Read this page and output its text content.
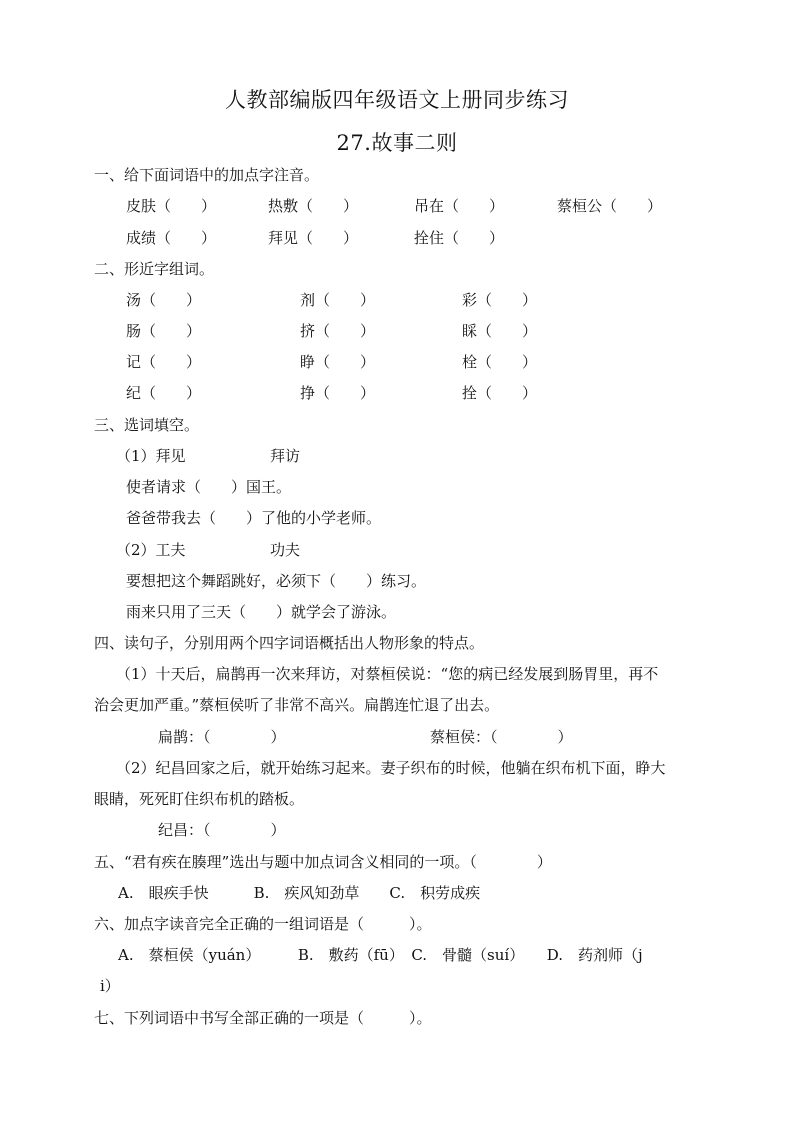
人教部编版四年级语文上册同步练习
27.故事二则
一、给下面词语中的加点字注音。
皮肤（　　）	热敷（　　）	吊在（　　）	蔡桓公（　　）
成绩（　　）	拜见（　　）	拴住（　　）
二、形近字组词。
汤（　　）	剂（　　）	彩（　　）
肠（　　）	挤（　　）	睬（　　）
记（　　）	睁（　　）	栓（　　）
纪（　　）	挣（　　）	拴（　　）
三、选词填空。
（1）拜见	拜访
使者请求（　　）国王。
爸爸带我去（　　）了他的小学老师。
（2）工夫	功夫
要想把这个舞蹈跳好，必须下（　　）练习。
雨来只用了三天（　　）就学会了游泳。
四、读句子，分别用两个四字词语概括出人物形象的特点。
（1）十天后，扁鹊再一次来拜访，对蔡桓侯说：“您的病已经发展到肠胃里，再不
治会更加严重。”蔡桓侯听了非常不高兴。扁鹊连忙退了出去。
扁鹊：（　　　　）	蔡桓侯：（　　　　）
（2）纪昌回家之后，就开始练习起来。妻子织布的时候，他躺在织布机下面，睁大
眼睛，死死盯住织布机的踏板。
纪昌：（　　　　）
五、“君有疾在腠理”选出与题中加点词含义相同的一项。（　　　　）
A.　眼疾手快　　　B.　疾风知劲草　　C.　积劳成疾
六、加点字读音完全正确的一组词语是（　　　）。
A.　蔡桓侯（yuán）　　　B.　敷药（fū）　C.　骨髓（suí）　　D.　药剂师（j
i）
七、下列词语中书写全部正确的一项是（　　　）。
